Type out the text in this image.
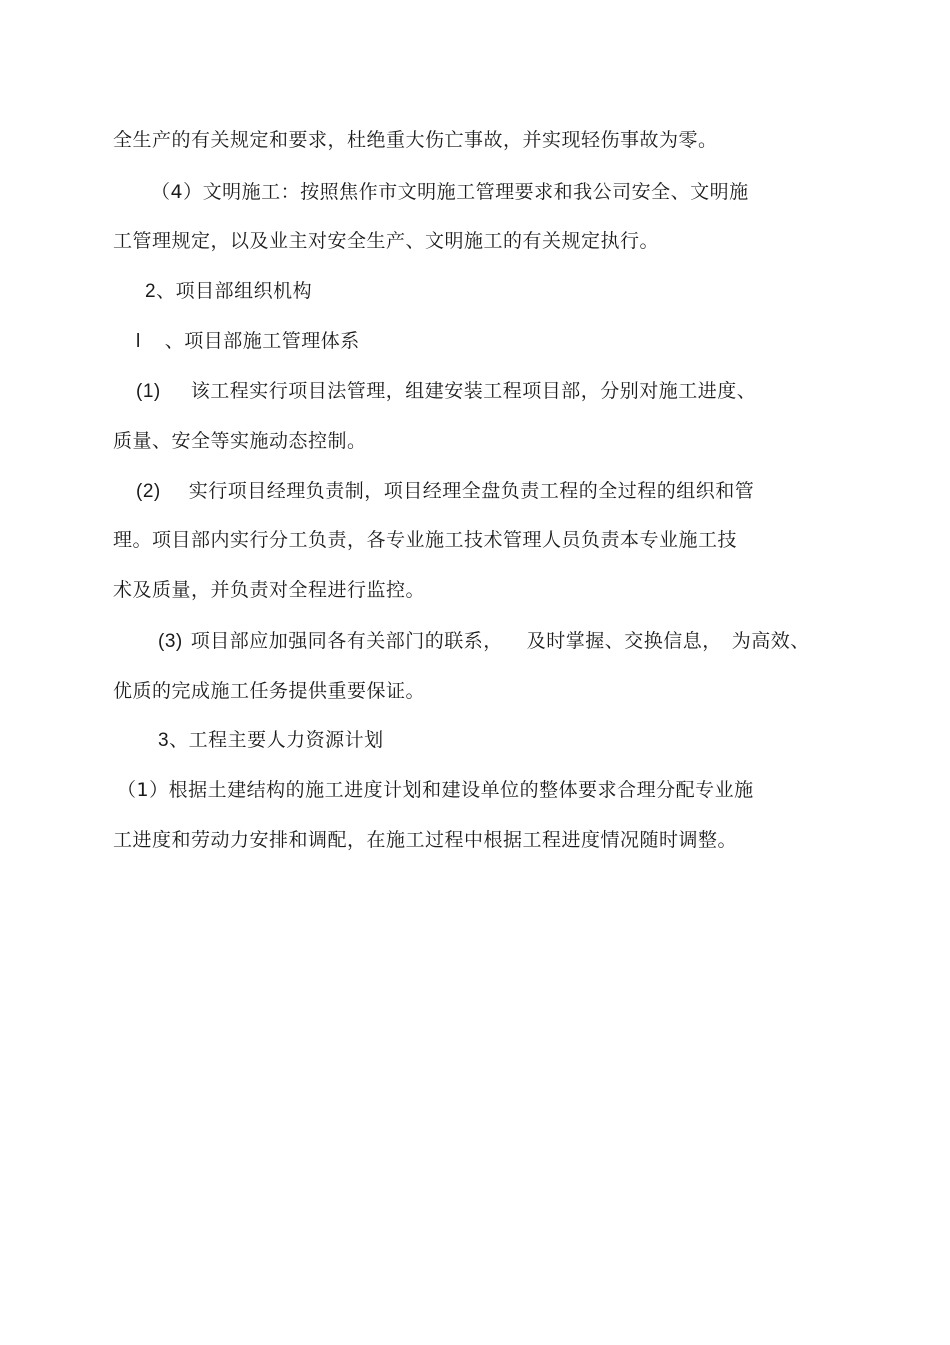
全生产的有关规定和要求，杜绝重大伤亡事故，并实现轻伤事故为零。
（4）文明施工：按照焦作市文明施工管理要求和我公司安全、文明施
工管理规定，以及业主对安全生产、文明施工的有关规定执行。
2、项目部组织机构
l 、项目部施工管理体系
(1) 该工程实行项目法管理，组建安装工程项目部，分别对施工进度、
质量、安全等实施动态控制。
(2) 实行项目经理负责制，项目经理全盘负责工程的全过程的组织和管
理。项目部内实行分工负责，各专业施工技术管理人员负责本专业施工技
术及质量，并负责对全程进行监控。
(3) 项目部应加强同各有关部门的联系， 及时掌握、交换信息， 为高效、
优质的完成施工任务提供重要保证。
3、工程主要人力资源计划
（1）根据土建结构的施工进度计划和建设单位的整体要求合理分配专业施
工进度和劳动力安排和调配，在施工过程中根据工程进度情况随时调整。
